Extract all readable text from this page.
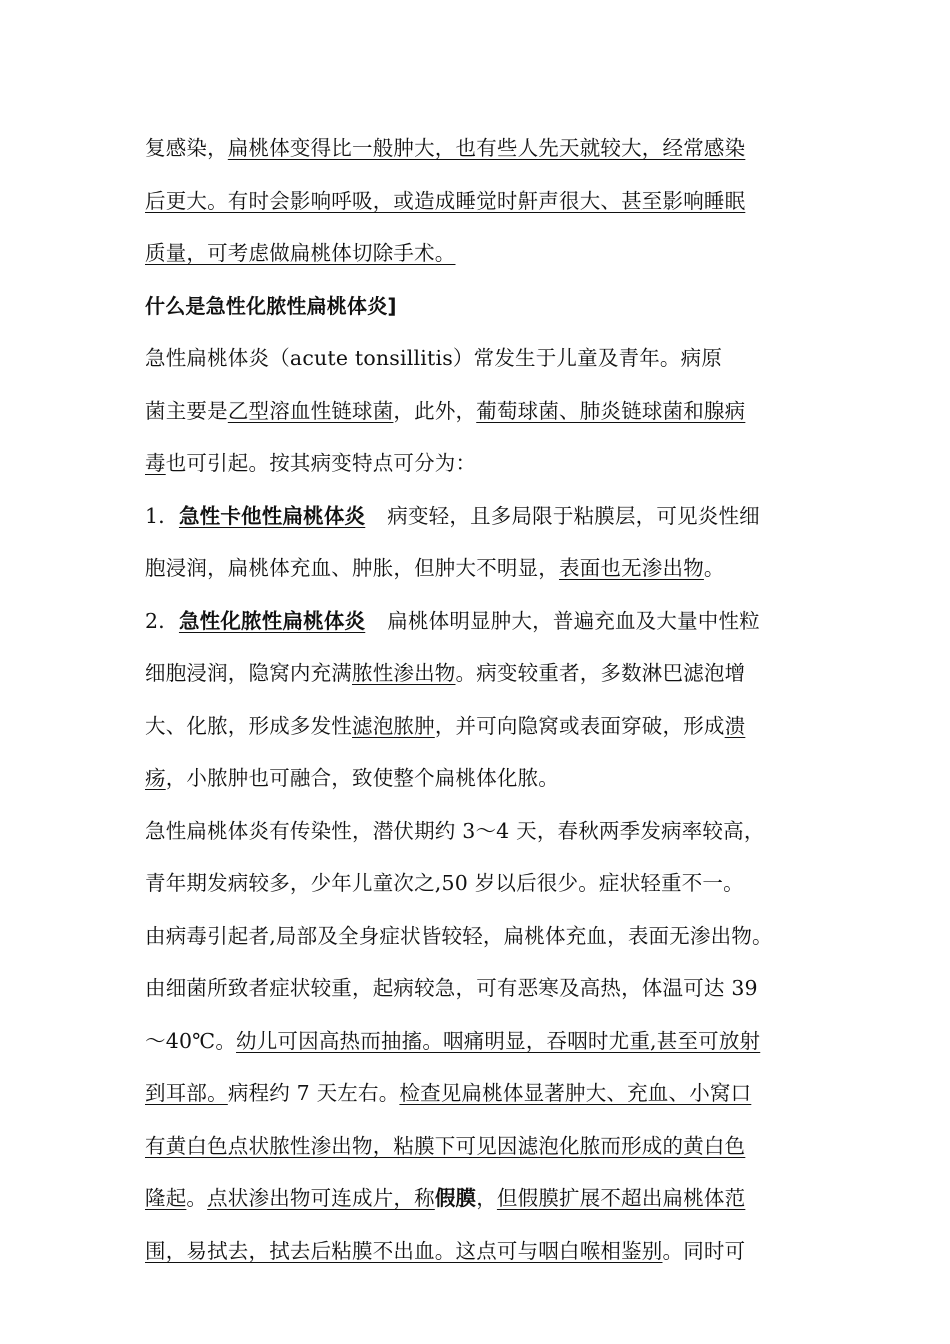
复感染，扁桃体变得比一般肿大，也有些人先天就较大，经常感染
后更大。有时会影响呼吸，或造成睡觉时鼾声很大、甚至影响睡眠
质量，可考虑做扁桃体切除手术。
什么是急性化脓性扁桃体炎]
急性扁桃体炎（acute tonsillitis）常发生于儿童及青年。病原
菌主要是乙型溶血性链球菌，此外，葡萄球菌、肺炎链球菌和腺病
毒也可引起。按其病变特点可分为：
1．急性卡他性扁桃体炎 病变轻，且多局限于粘膜层，可见炎性细
胞浸润，扁桃体充血、肿胀，但肿大不明显，表面也无渗出物。
2．急性化脓性扁桃体炎 扁桃体明显肿大，普遍充血及大量中性粒
细胞浸润，隐窝内充满脓性渗出物。病变较重者，多数淋巴滤泡增
大、化脓，形成多发性滤泡脓肿，并可向隐窝或表面穿破，形成溃
疡，小脓肿也可融合，致使整个扁桃体化脓。
急性扁桃体炎有传染性，潜伏期约 3～4 天，春秋两季发病率较高，
青年期发病较多，少年儿童次之,50 岁以后很少。症状轻重不一。
由病毒引起者,局部及全身症状皆较轻，扁桃体充血，表面无渗出物。
由细菌所致者症状较重，起病较急，可有恶寒及高热，体温可达 39
～40℃。幼儿可因高热而抽搐。咽痛明显，吞咽时尤重,甚至可放射
到耳部。病程约 7 天左右。检查见扁桃体显著肿大、充血、小窝口
有黄白色点状脓性渗出物，粘膜下可见因滤泡化脓而形成的黄白色
隆起。点状渗出物可连成片，称假膜，但假膜扩展不超出扁桃体范
围，易拭去，拭去后粘膜不出血。这点可与咽白喉相鉴别。同时可
